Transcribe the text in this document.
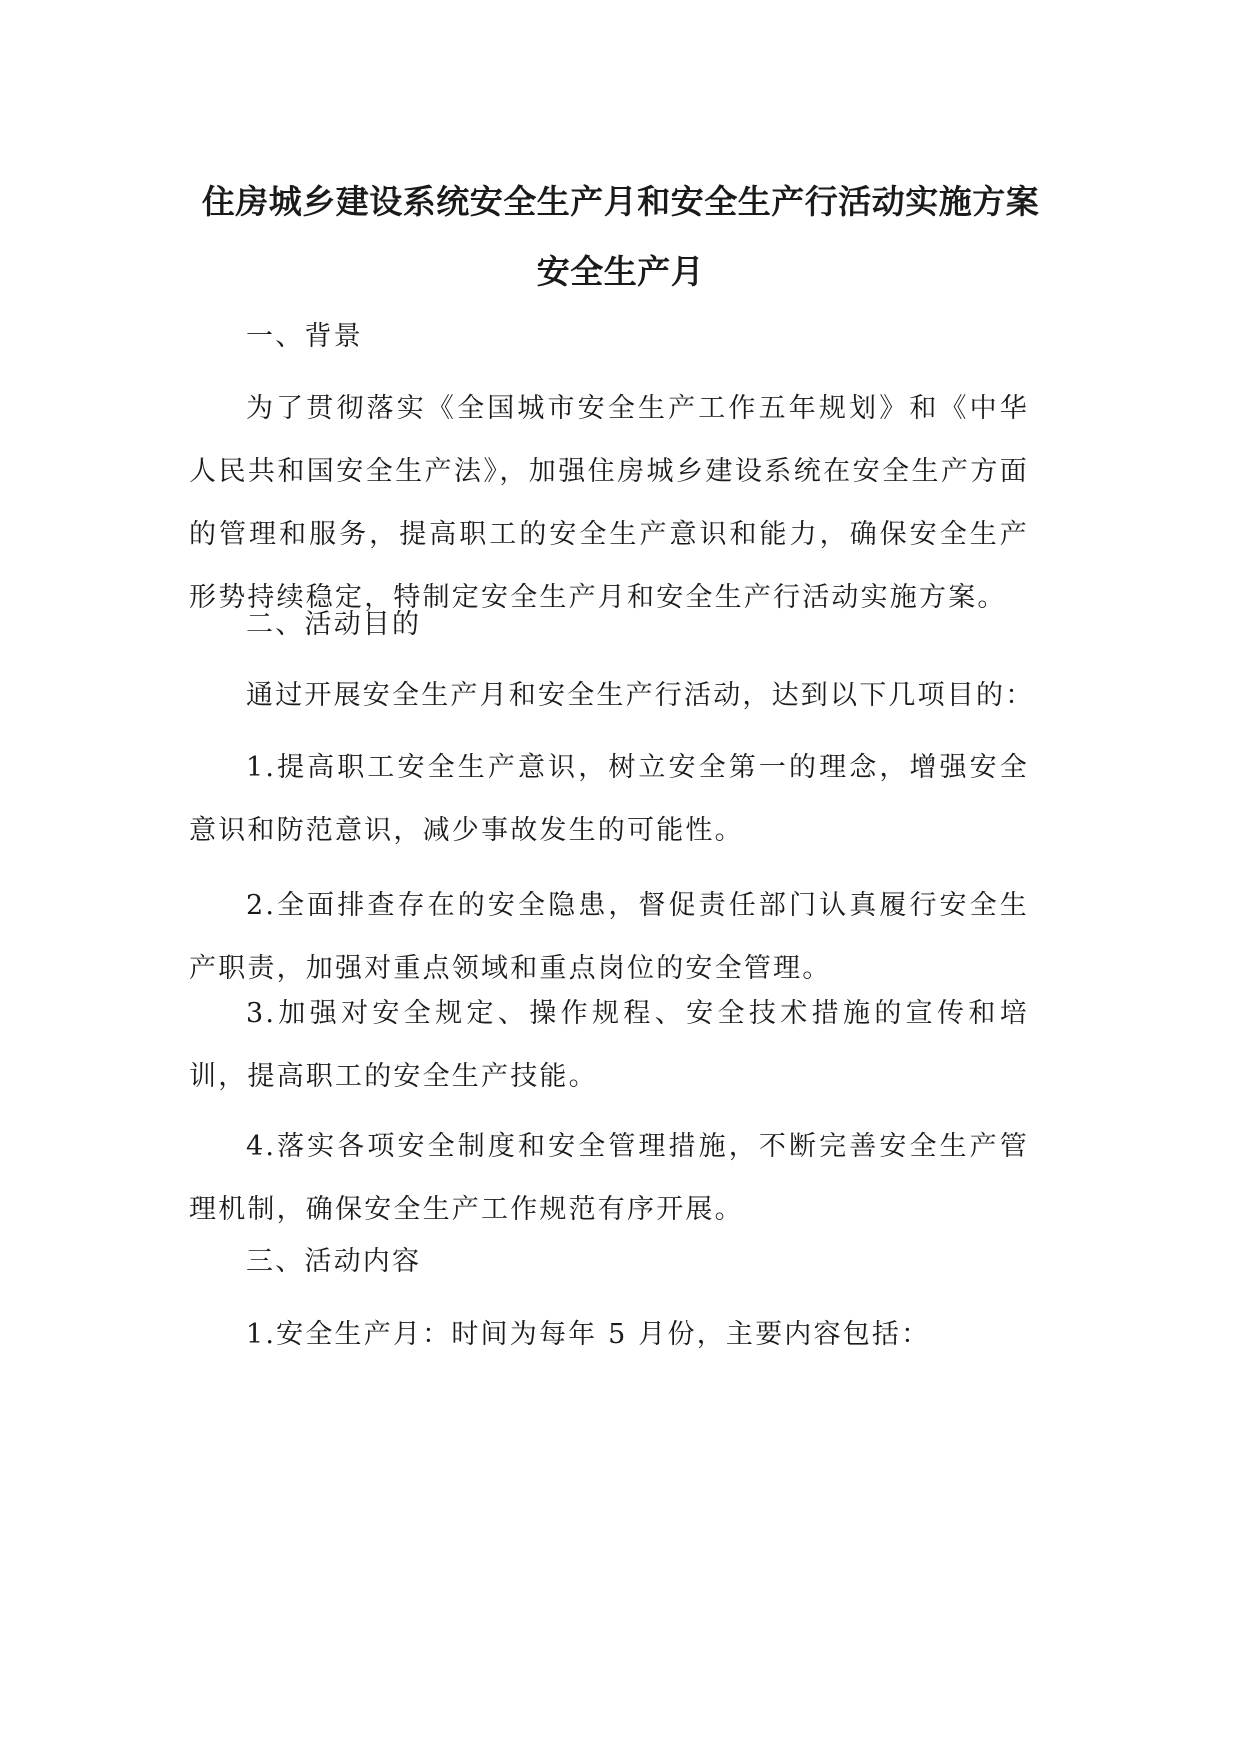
住房城乡建设系统安全生产月和安全生产行活动实施方案
安全生产月
一、背景
为了贯彻落实《全国城市安全生产工作五年规划》和《中华人民共和国安全生产法》，加强住房城乡建设系统在安全生产方面的管理和服务，提高职工的安全生产意识和能力，确保安全生产形势持续稳定，特制定安全生产月和安全生产行活动实施方案。
二、活动目的
通过开展安全生产月和安全生产行活动，达到以下几项目的：
1.提高职工安全生产意识，树立安全第一的理念，增强安全意识和防范意识，减少事故发生的可能性。
2.全面排查存在的安全隐患，督促责任部门认真履行安全生产职责，加强对重点领域和重点岗位的安全管理。
3.加强对安全规定、操作规程、安全技术措施的宣传和培训，提高职工的安全生产技能。
4.落实各项安全制度和安全管理措施，不断完善安全生产管理机制，确保安全生产工作规范有序开展。
三、活动内容
1.安全生产月：时间为每年 5 月份，主要内容包括：
